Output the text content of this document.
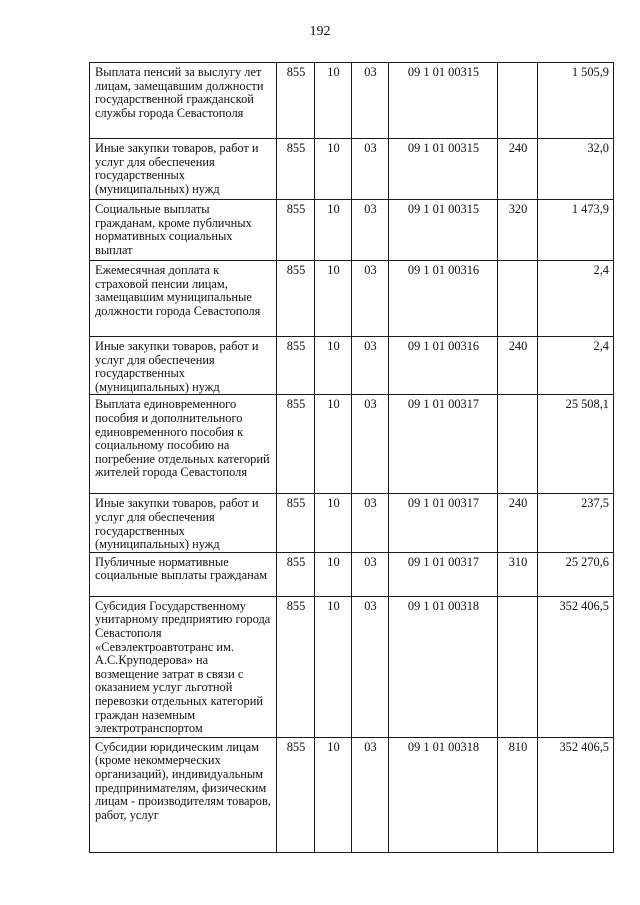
192
Выплата пенсий за выслугу лет лицам, замещавшим должности государственной гражданской службы города Севастополя	855	10	03	09 1 01 00315		1 505,9
Иные закупки товаров, работ и услуг для обеспечения государственных (муниципальных) нужд	855	10	03	09 1 01 00315	240	32,0
Социальные выплаты гражданам, кроме публичных нормативных социальных выплат	855	10	03	09 1 01 00315	320	1 473,9
Ежемесячная доплата к страховой пенсии лицам, замещавшим муниципальные должности города Севастополя	855	10	03	09 1 01 00316		2,4
Иные закупки товаров, работ и услуг для обеспечения государственных (муниципальных) нужд	855	10	03	09 1 01 00316	240	2,4
Выплата единовременного пособия и дополнительного единовременного пособия к социальному пособию на погребение отдельных категорий жителей города Севастополя	855	10	03	09 1 01 00317		25 508,1
Иные закупки товаров, работ и услуг для обеспечения государственных (муниципальных) нужд	855	10	03	09 1 01 00317	240	237,5
Публичные нормативные социальные выплаты гражданам	855	10	03	09 1 01 00317	310	25 270,6
Субсидия Государственному унитарному предприятию города Севастополя «Севэлектроавтотранс им. А.С.Круподерова» на возмещение затрат в связи с оказанием услуг льготной перевозки отдельных категорий граждан наземным электротранспортом	855	10	03	09 1 01 00318		352 406,5
Субсидии юридическим лицам (кроме некоммерческих организаций), индивидуальным предпринимателям, физическим лицам - производителям товаров, работ, услуг	855	10	03	09 1 01 00318	810	352 406,5
